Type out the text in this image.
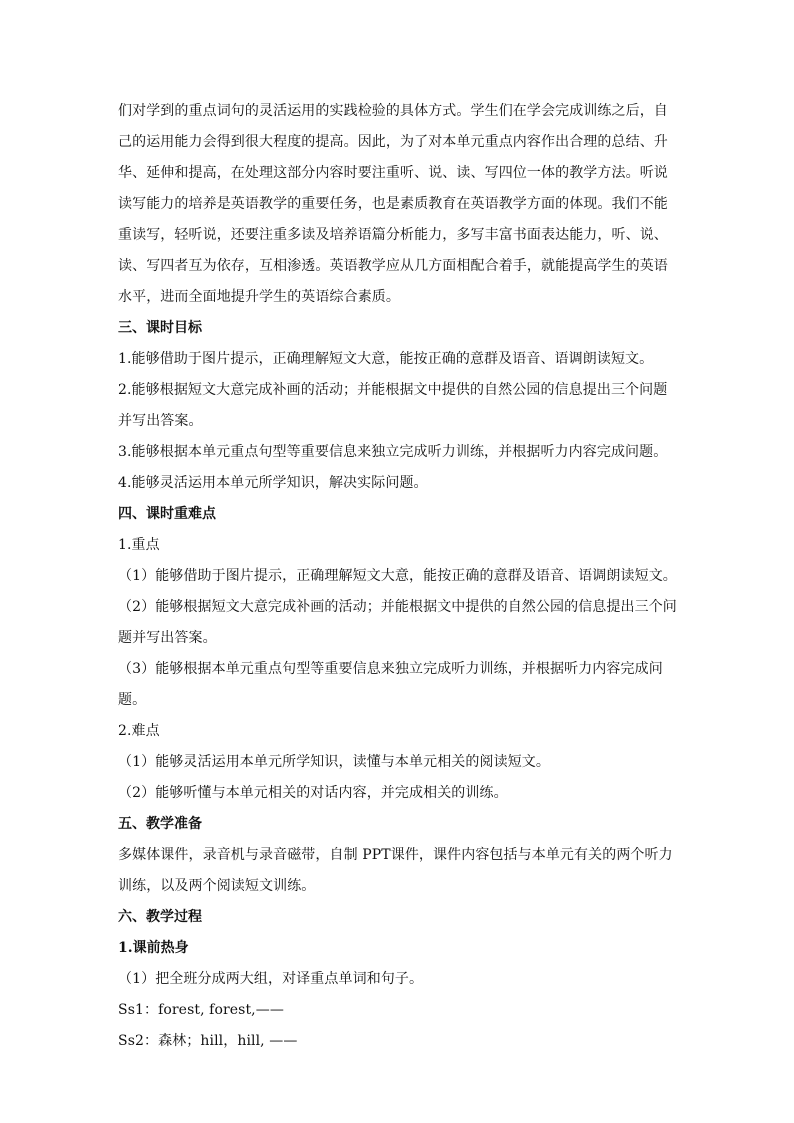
们对学到的重点词句的灵活运用的实践检验的具体方式。学生们在学会完成训练之后，自己的运用能力会得到很大程度的提高。因此，为了对本单元重点内容作出合理的总结、升华、延伸和提高，在处理这部分内容时要注重听、说、读、写四位一体的教学方法。听说读写能力的培养是英语教学的重要任务，也是素质教育在英语教学方面的体现。我们不能重读写，轻听说，还要注重多读及培养语篇分析能力，多写丰富书面表达能力，听、说、读、写四者互为依存，互相渗透。英语教学应从几方面相配合着手，就能提高学生的英语水平，进而全面地提升学生的英语综合素质。

三、课时目标

1.能够借助于图片提示，正确理解短文大意，能按正确的意群及语音、语调朗读短文。

2.能够根据短文大意完成补画的活动；并能根据文中提供的自然公园的信息提出三个问题并写出答案。

3.能够根据本单元重点句型等重要信息来独立完成听力训练，并根据听力内容完成问题。

4.能够灵活运用本单元所学知识，解决实际问题。

四、课时重难点

1.重点

（1）能够借助于图片提示，正确理解短文大意，能按正确的意群及语音、语调朗读短文。

（2）能够根据短文大意完成补画的活动；并能根据文中提供的自然公园的信息提出三个问题并写出答案。

（3）能够根据本单元重点句型等重要信息来独立完成听力训练，并根据听力内容完成问题。

2.难点

（1）能够灵活运用本单元所学知识，读懂与本单元相关的阅读短文。

（2）能够听懂与本单元相关的对话内容，并完成相关的训练。

五、教学准备

多媒体课件，录音机与录音磁带，自制 PPT课件，课件内容包括与本单元有关的两个听力训练，以及两个阅读短文训练。

六、教学过程

1.课前热身

（1）把全班分成两大组，对译重点单词和句子。

Ss1：forest, forest,——

Ss2：森林；hill，hill, ——
